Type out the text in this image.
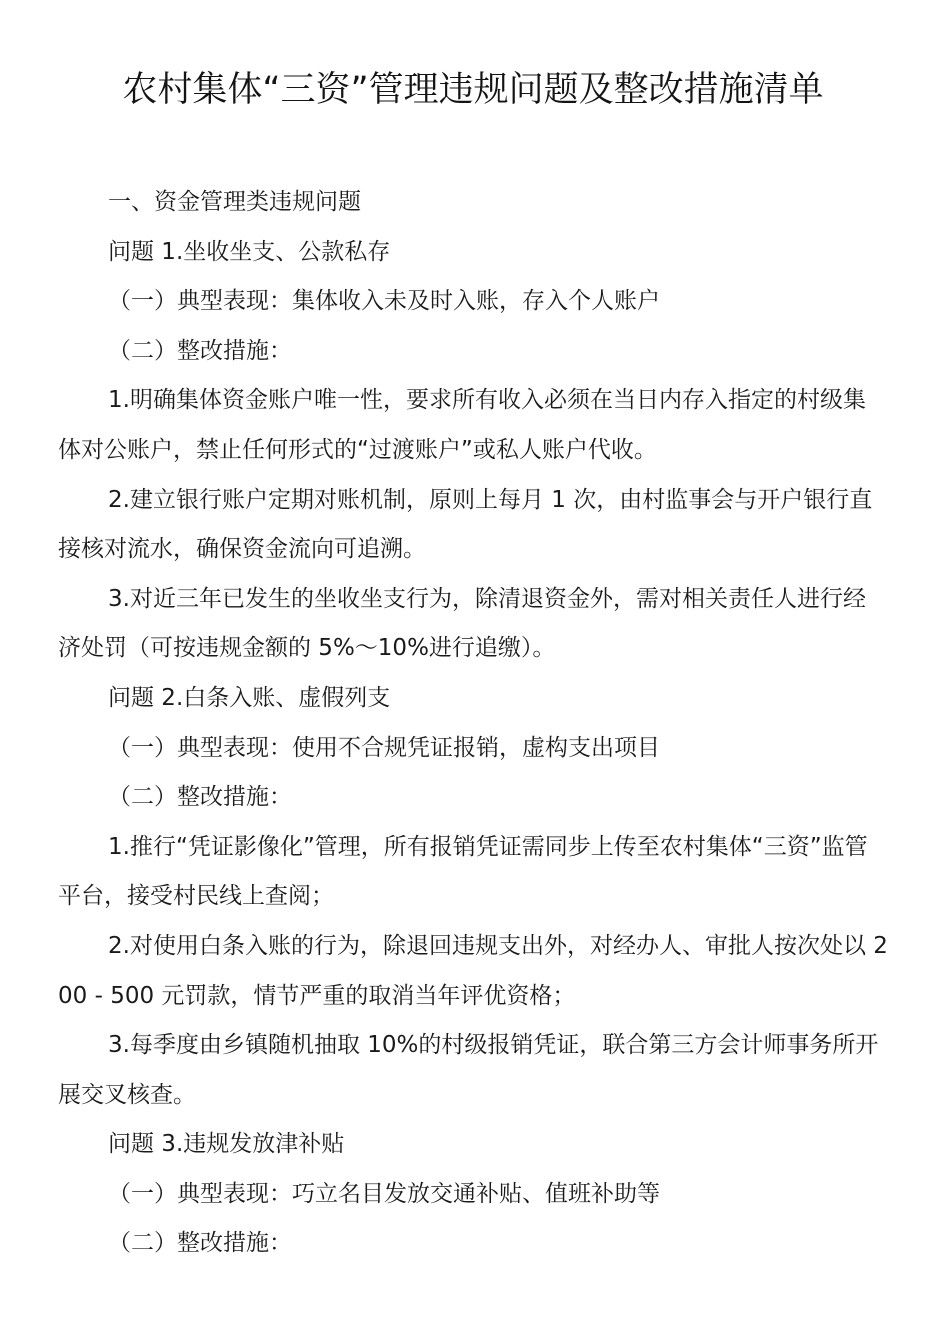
农村集体“三资”管理违规问题及整改措施清单

一、资金管理类违规问题

问题 1.坐收坐支、公款私存

（一）典型表现：集体收入未及时入账，存入个人账户

（二）整改措施：

1.明确集体资金账户唯一性，要求所有收入必须在当日内存入指定的村级集体对公账户，禁止任何形式的“过渡账户”或私人账户代收。

2.建立银行账户定期对账机制，原则上每月 1 次，由村监事会与开户银行直接核对流水，确保资金流向可追溯。

3.对近三年已发生的坐收坐支行为，除清退资金外，需对相关责任人进行经济处罚（可按违规金额的 5%～10%进行追缴）。

问题 2.白条入账、虚假列支

（一）典型表现：使用不合规凭证报销，虚构支出项目

（二）整改措施：

1.推行“凭证影像化”管理，所有报销凭证需同步上传至农村集体“三资”监管平台，接受村民线上查阅；

2.对使用白条入账的行为，除退回违规支出外，对经办人、审批人按次处以 200 - 500 元罚款，情节严重的取消当年评优资格；

3.每季度由乡镇随机抽取 10%的村级报销凭证，联合第三方会计师事务所开展交叉核查。

问题 3.违规发放津补贴

（一）典型表现：巧立名目发放交通补贴、值班补助等

（二）整改措施：
